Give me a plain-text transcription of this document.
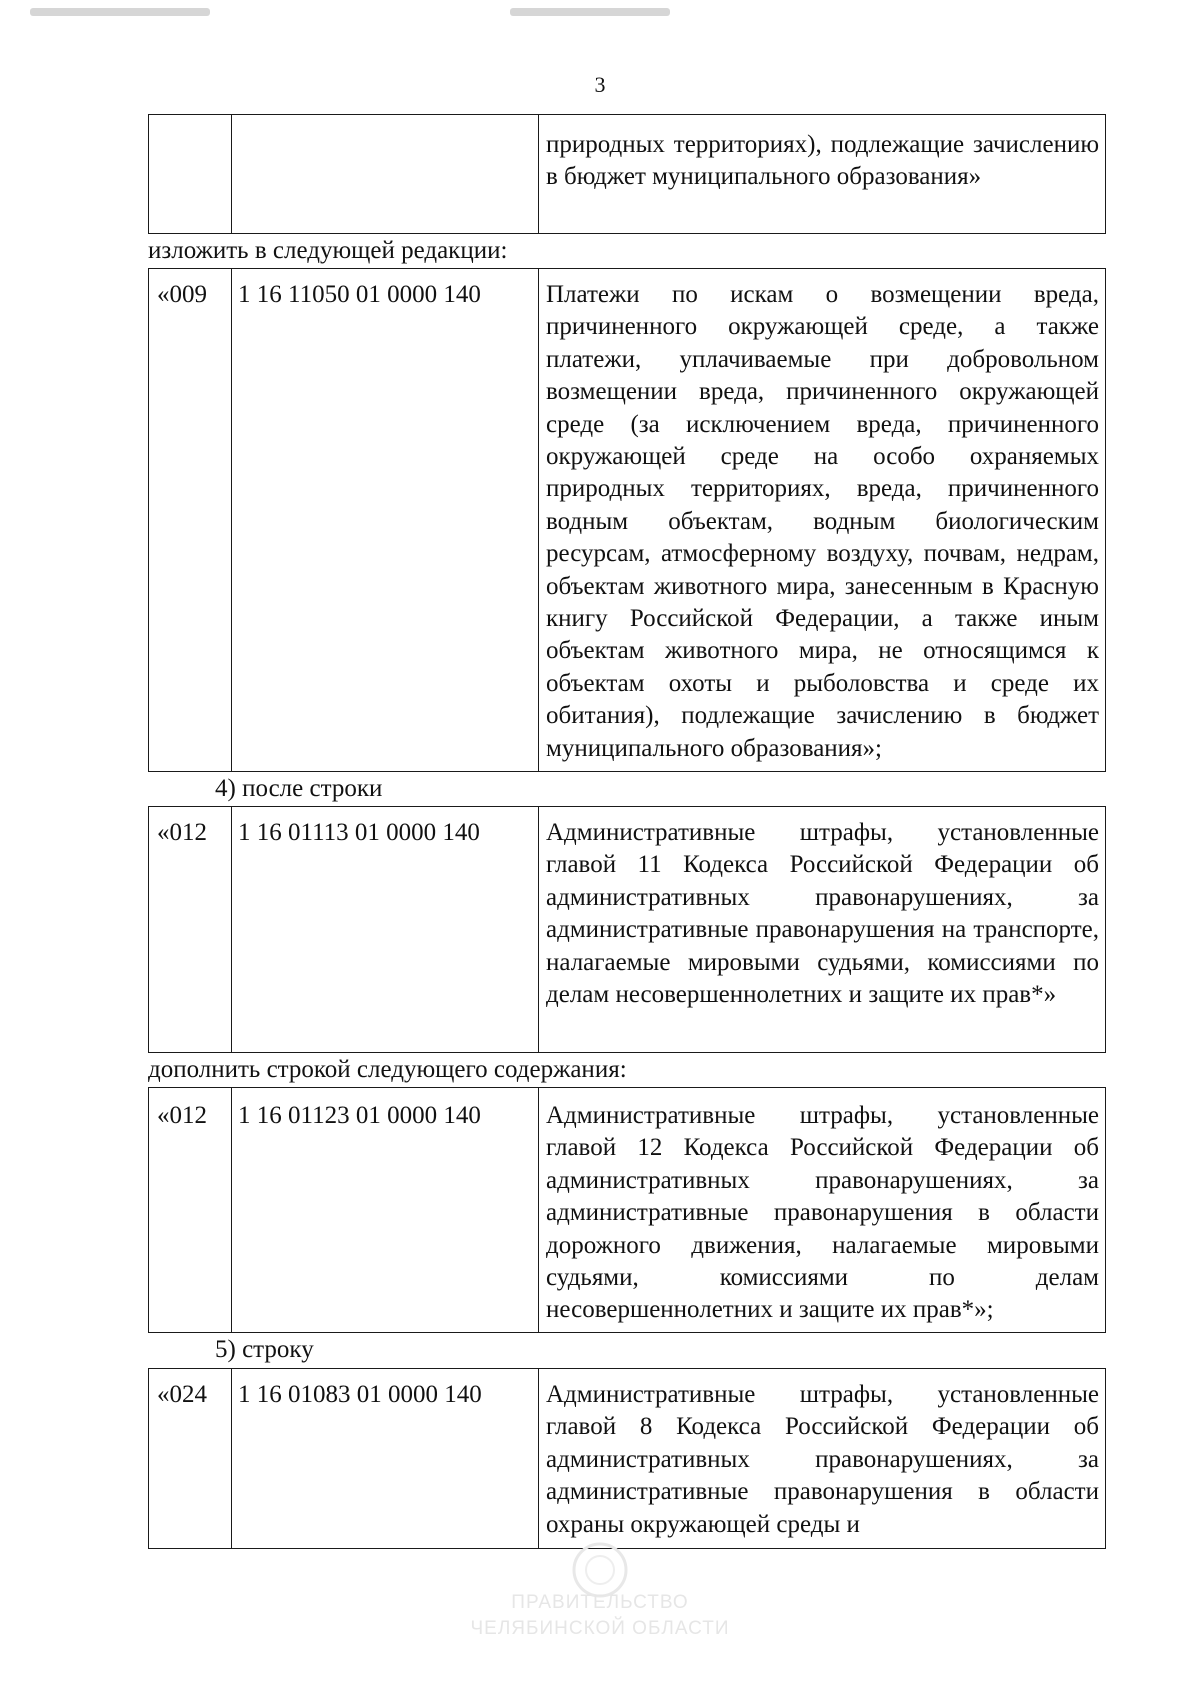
3
		природных территориях), подлежащие зачислению в бюджет муниципального образования»
изложить в следующей редакции:
«009	1 16 11050 01 0000 140	Платежи по искам о возмещении вреда, причиненного окружающей среде, а также платежи, уплачиваемые при добровольном возмещении вреда, причиненного окружающей среде (за исключением вреда, причиненного окружающей среде на особо охраняемых природных территориях, вреда, причиненного водным объектам, водным биологическим ресурсам, атмосферному воздуху, почвам, недрам, объектам животного мира, занесенным в Красную книгу Российской Федерации, а также иным объектам животного мира, не относящимся к объектам охоты и рыболовства и среде их обитания), подлежащие зачислению в бюджет муниципального образования»;
4) после строки
«012	1 16 01113 01 0000 140	Административные штрафы, установленные главой 11 Кодекса Российской Федерации об административных правонарушениях, за административные правонарушения на транспорте, налагаемые мировыми судьями, комиссиями по делам несовершеннолетних и защите их прав*»
дополнить строкой следующего содержания:
«012	1 16 01123 01 0000 140	Административные штрафы, установленные главой 12 Кодекса Российской Федерации об административных правонарушениях, за административные правонарушения в области дорожного движения, налагаемые мировыми судьями, комиссиями по делам несовершеннолетних и защите их прав*»;
5) строку
«024	1 16 01083 01 0000 140	Административные штрафы, установленные главой 8 Кодекса Российской Федерации об административных правонарушениях, за административные правонарушения в области охраны окружающей среды и
ПРАВИТЕЛЬСТВО
ЧЕЛЯБИНСКОЙ ОБЛАСТИ
